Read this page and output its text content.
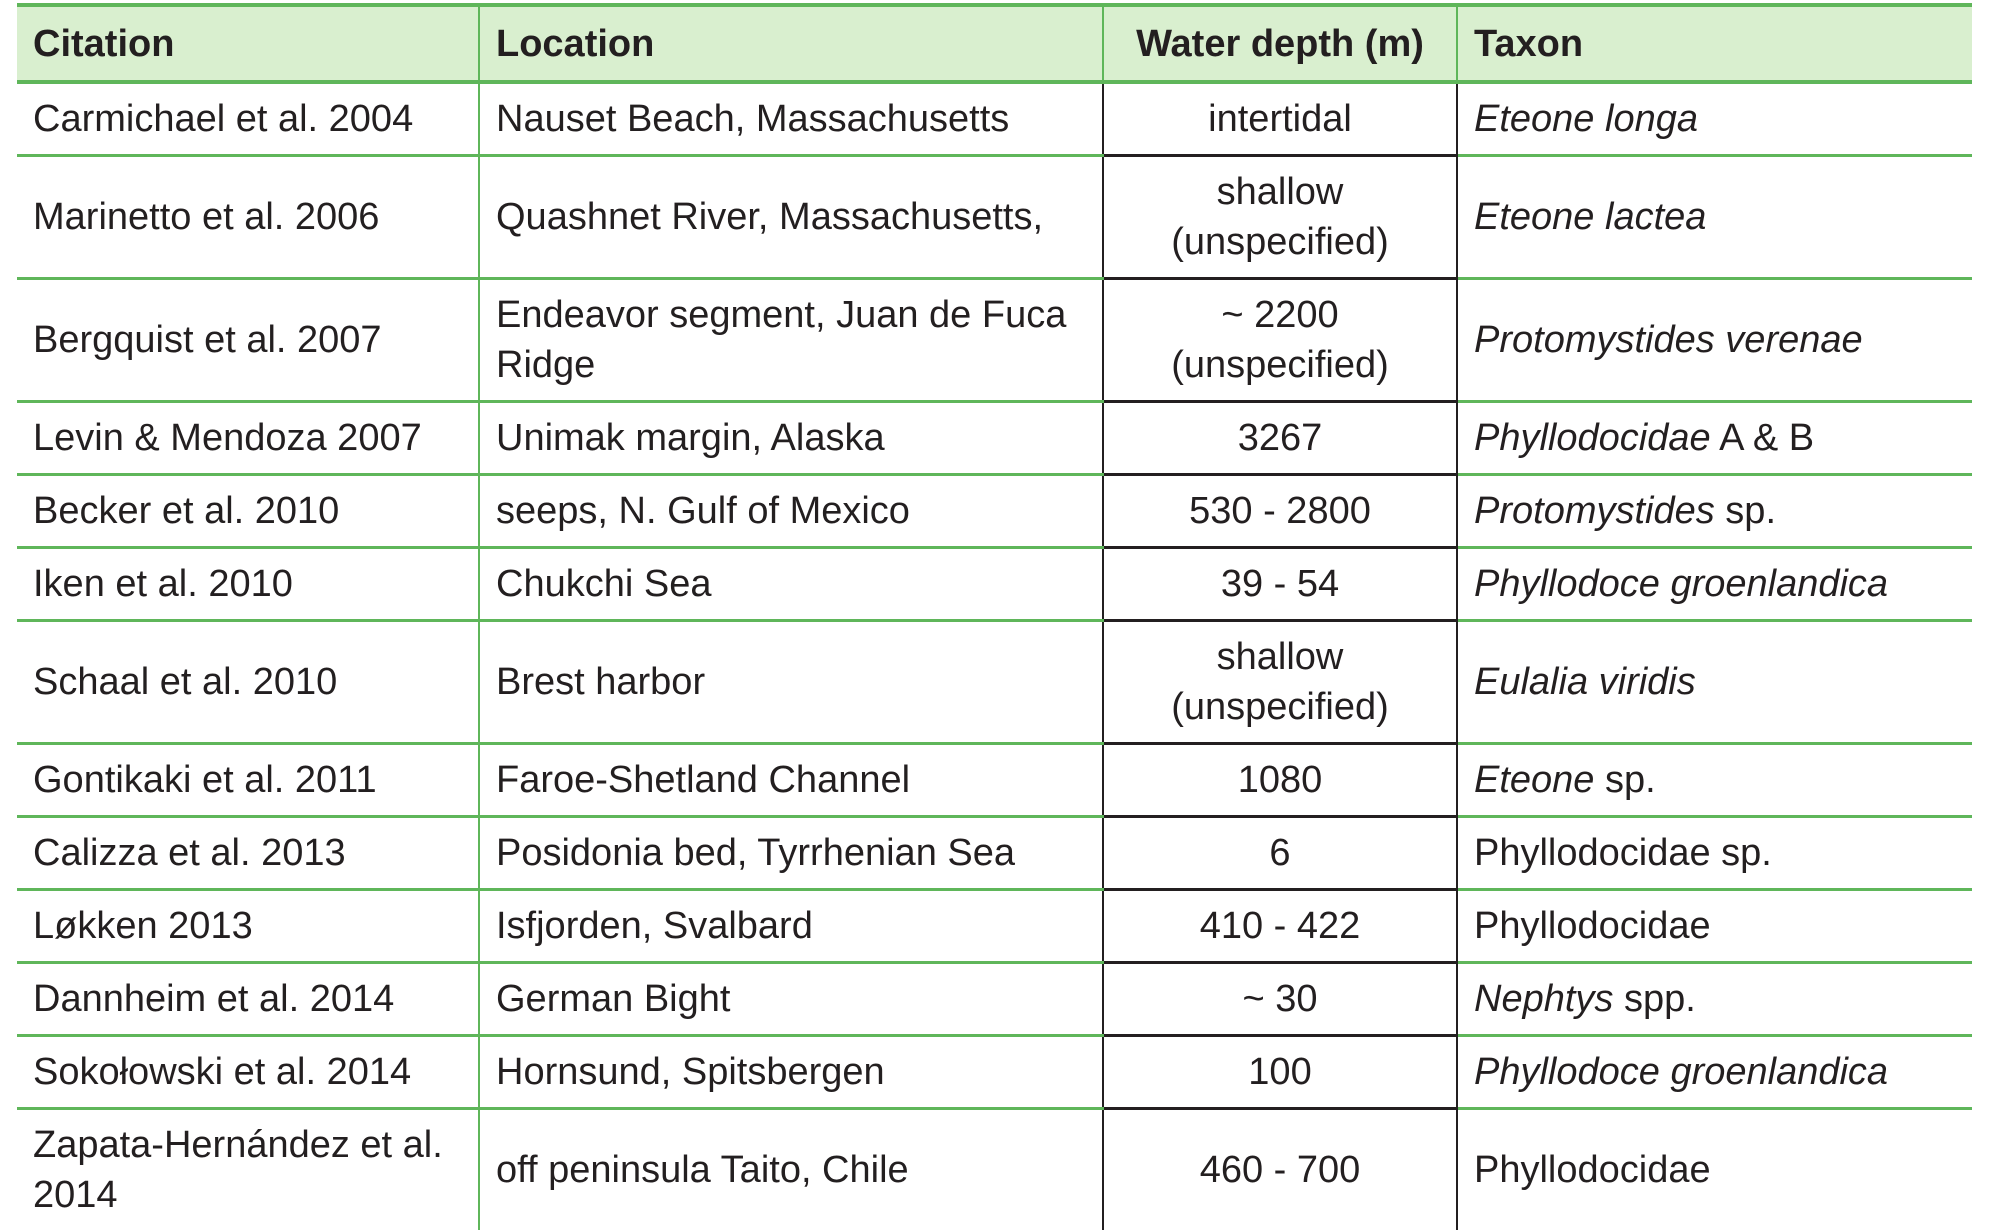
Citation	Location	Water depth (m)	Taxon
Carmichael et al. 2004	Nauset Beach, Massachusetts	intertidal	Eteone longa
Marinetto et al. 2006	Quashnet River, Massachusetts,	shallow (unspecified)	Eteone lactea
Bergquist et al. 2007	Endeavor segment, Juan de Fuca Ridge	~ 2200 (unspecified)	Protomystides verenae
Levin & Mendoza 2007	Unimak margin, Alaska	3267	Phyllodocidae A & B
Becker et al. 2010	seeps, N. Gulf of Mexico	530 - 2800	Protomystides sp.
Iken et al. 2010	Chukchi Sea	39 - 54	Phyllodoce groenlandica
Schaal et al. 2010	Brest harbor	shallow (unspecified)	Eulalia viridis
Gontikaki et al. 2011	Faroe-Shetland Channel	1080	Eteone sp.
Calizza et al. 2013	Posidonia bed, Tyrrhenian Sea	6	Phyllodocidae sp.
Løkken 2013	Isfjorden, Svalbard	410 - 422	Phyllodocidae
Dannheim et al. 2014	German Bight	~ 30	Nephtys spp.
Sokołowski et al. 2014	Hornsund, Spitsbergen	100	Phyllodoce groenlandica
Zapata-Hernández et al. 2014	off peninsula Taito, Chile	460 - 700	Phyllodocidae
